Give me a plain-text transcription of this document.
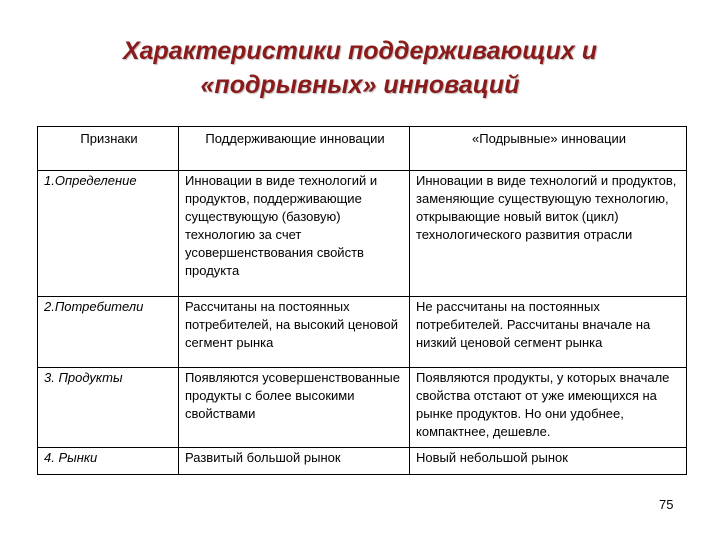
Характеристики поддерживающих и
«подрывных» инноваций
Признаки	Поддерживающие инновации	«Подрывные» инновации
1.Определение	Инновации в виде технологий и продуктов, поддерживающие существующую (базовую) технологию за счет усовершенствования свойств продукта	Инновации в виде технологий и продуктов, заменяющие существующую технологию, открывающие новый виток (цикл) технологического развития отрасли
2.Потребители	Рассчитаны на постоянных потребителей, на высокий ценовой сегмент рынка	Не рассчитаны на постоянных потребителей. Рассчитаны вначале на низкий ценовой сегмент рынка
3. Продукты	Появляются усовершенствованные продукты с более высокими свойствами	Появляются продукты, у которых вначале свойства отстают от уже имеющихся на рынке продуктов. Но они удобнее, компактнее, дешевле.
4. Рынки	Развитый большой рынок	Новый небольшой рынок
75
